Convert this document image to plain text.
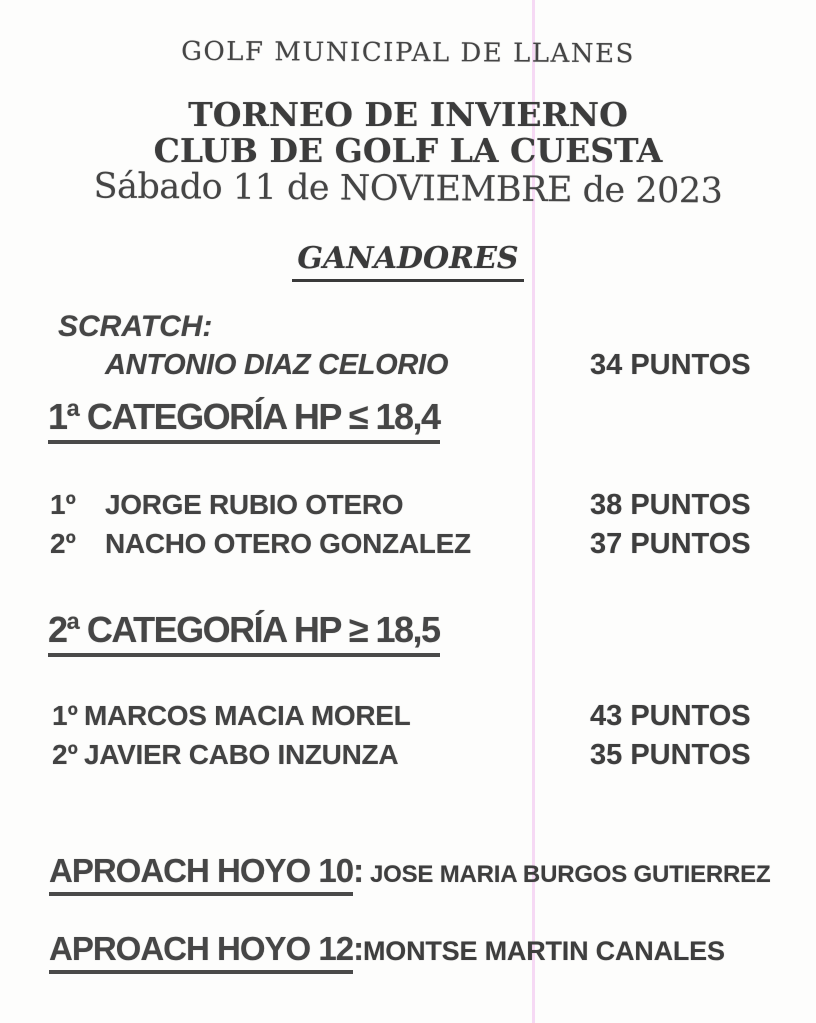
GOLF MUNICIPAL DE LLANES
TORNEO DE INVIERNO
CLUB DE GOLF LA CUESTA
Sábado 11 de NOVIEMBRE de 2023
GANADORES
SCRATCH:
ANTONIO DIAZ CELORIO	34 PUNTOS
1ª CATEGORÍA HP ≤ 18,4
1º JORGE RUBIO OTERO	38 PUNTOS
2º NACHO OTERO GONZALEZ	37 PUNTOS
2ª CATEGORÍA HP ≥ 18,5
1º MARCOS MACIA MOREL	43 PUNTOS
2º JAVIER CABO INZUNZA	35 PUNTOS
APROACH HOYO 10: JOSE MARIA BURGOS GUTIERREZ
APROACH HOYO 12: MONTSE MARTIN CANALES
